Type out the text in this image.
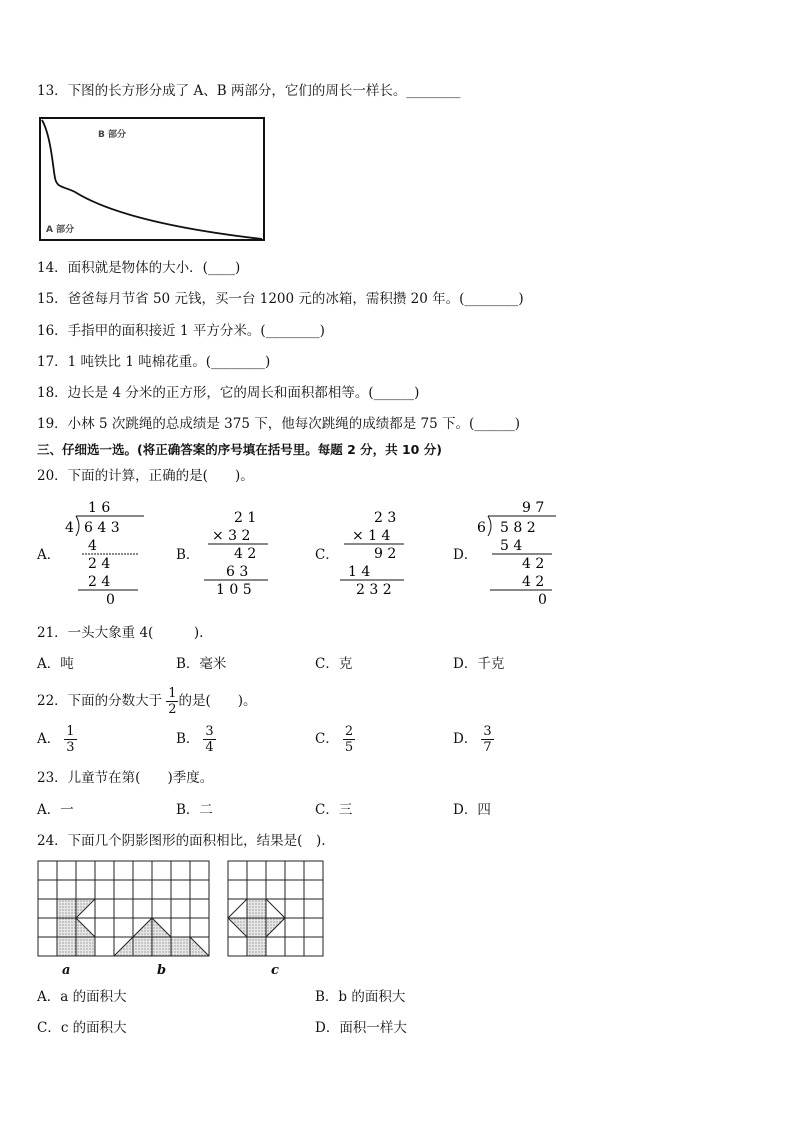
13．下图的长方形分成了 A、B 两部分，它们的周长一样长。________
B 部分
A 部分
14．面积就是物体的大小．(____)
15．爸爸每月节省 50 元钱，买一台 1200 元的冰箱，需积攒 20 年。(________)
16．手指甲的面积接近 1 平方分米。(________)
17．1 吨铁比 1 吨棉花重。(________)
18．边长是 4 分米的正方形，它的周长和面积都相等。(______)
19．小林 5 次跳绳的总成绩是 375 下，他每次跳绳的成绩都是 75 下。(______)
三、仔细选一选。(将正确答案的序号填在括号里。每题 2 分，共 10 分)
20．下面的计算，正确的是(　　)。
A．
1 6
4 6 4 3
4
2 4
2 4
0
B．
2 1
× 3 2
4 2
6 3
1 0 5
C．
2 3
× 1 4
9 2
1 4
2 3 2
D．
9 7
6 5 8 2
5 4
4 2
4 2
0
21．一头大象重 4(　　　).
A．吨	B．毫米	C．克	D．千克
22．下面的分数大于 $\frac{1}{2}$ 的是(　　)。
A． $\frac{1}{3}$	B． $\frac{3}{4}$	C． $\frac{2}{5}$	D． $\frac{3}{7}$
23．儿童节在第(　　)季度。
A．一	B．二	C．三	D．四
24．下面几个阴影图形的面积相比，结果是(　).
a	b	c
A．a 的面积大	B．b 的面积大
C．c 的面积大	D．面积一样大
